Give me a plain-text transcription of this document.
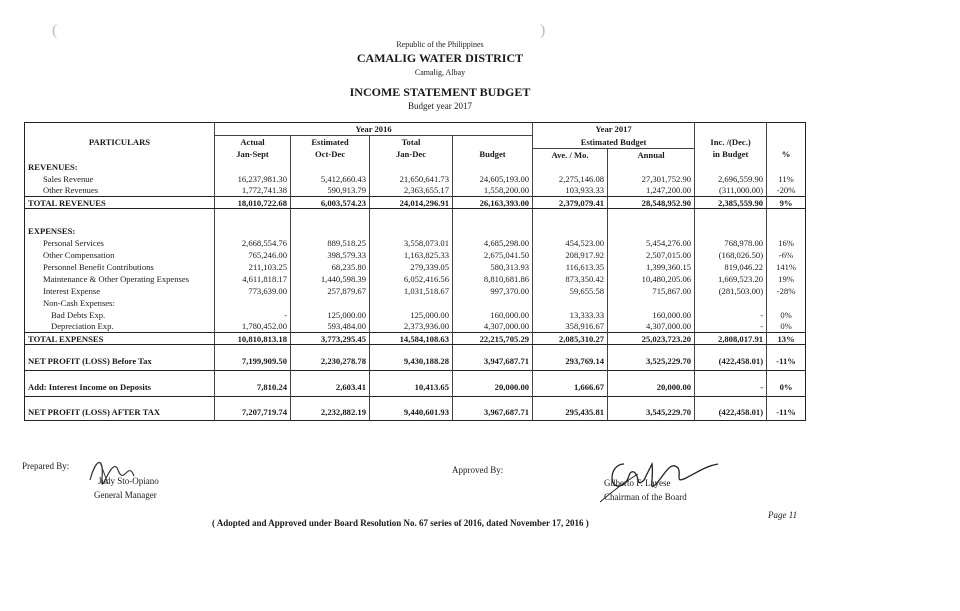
(	)
Republic of the Philippines
CAMALIG WATER DISTRICT
Camalig, Albay
INCOME STATEMENT BUDGET
Budget year 2017
PARTICULARS	Year 2016				Year 2017			
	Actual	Estimated	Total		Estimated Budget		Inc. /(Dec.)	
	Jan-Sept	Oct-Dec	Jan-Dec	Budget	Ave. / Mo.	Annual	in Budget	%
REVENUES:								
Sales Revenue	16,237,981.30	5,412,660.43	21,650,641.73	24,605,193.00	2,275,146.08	27,301,752.90	2,696,559.90	11%
Other Revenues	1,772,741.38	590,913.79	2,363,655.17	1,558,200.00	103,933.33	1,247,200.00	(311,000.00)	-20%
TOTAL REVENUES	18,010,722.68	6,003,574.23	24,014,296.91	26,163,393.00	2,379,079.41	28,548,952.90	2,385,559.90	9%

EXPENSES:								
Personal Services	2,668,554.76	889,518.25	3,558,073.01	4,685,298.00	454,523.00	5,454,276.00	768,978.00	16%
Other Compensation	765,246.00	398,579.33	1,163,825.33	2,675,041.50	208,917.92	2,507,015.00	(168,026.50)	-6%
Personnel Benefit Contributions	211,103.25	68,235.80	279,339.05	580,313.93	116,613.35	1,399,360.15	819,046.22	141%
Maintenance & Other Operating Expenses	4,611,818.17	1,440,598.39	6,052,416.56	8,810,681.86	873,350.42	10,480,205.06	1,669,523.20	19%
Interest Expense	773,639.00	257,879.67	1,031,518.67	997,370.00	59,655.58	715,867.00	(281,503.00)	-28%
Non-Cash Expenses:								
Bad Debts Exp.	-	125,000.00	125,000.00	160,000.00	13,333.33	160,000.00	-	0%
Depreciation Exp.	1,780,452.00	593,484.00	2,373,936.00	4,307,000.00	358,916.67	4,307,000.00	-	0%
TOTAL EXPENSES	10,810,813.18	3,773,295.45	14,584,108.63	22,215,705.29	2,085,310.27	25,023,723.20	2,808,017.91	13%

NET PROFIT (LOSS) Before Tax	7,199,909.50	2,230,278.78	9,430,188.28	3,947,687.71	293,769.14	3,525,229.70	(422,458.01)	-11%

Add: Interest Income on Deposits	7,810.24	2,603.41	10,413.65	20,000.00	1,666.67	20,000.00	-	0%

NET PROFIT (LOSS) AFTER TAX	7,207,719.74	2,232,882.19	9,440,601.93	3,967,687.71	295,435.81	3,545,229.70	(422,458.01)	-11%
Prepared By:
Judy Sto-Opiano
General Manager
Approved By:
Gilberto F. Layese
Chairman of the Board
( Adopted and Approved under Board Resolution No. 67 series of 2016, dated November 17, 2016 )
Page 11
